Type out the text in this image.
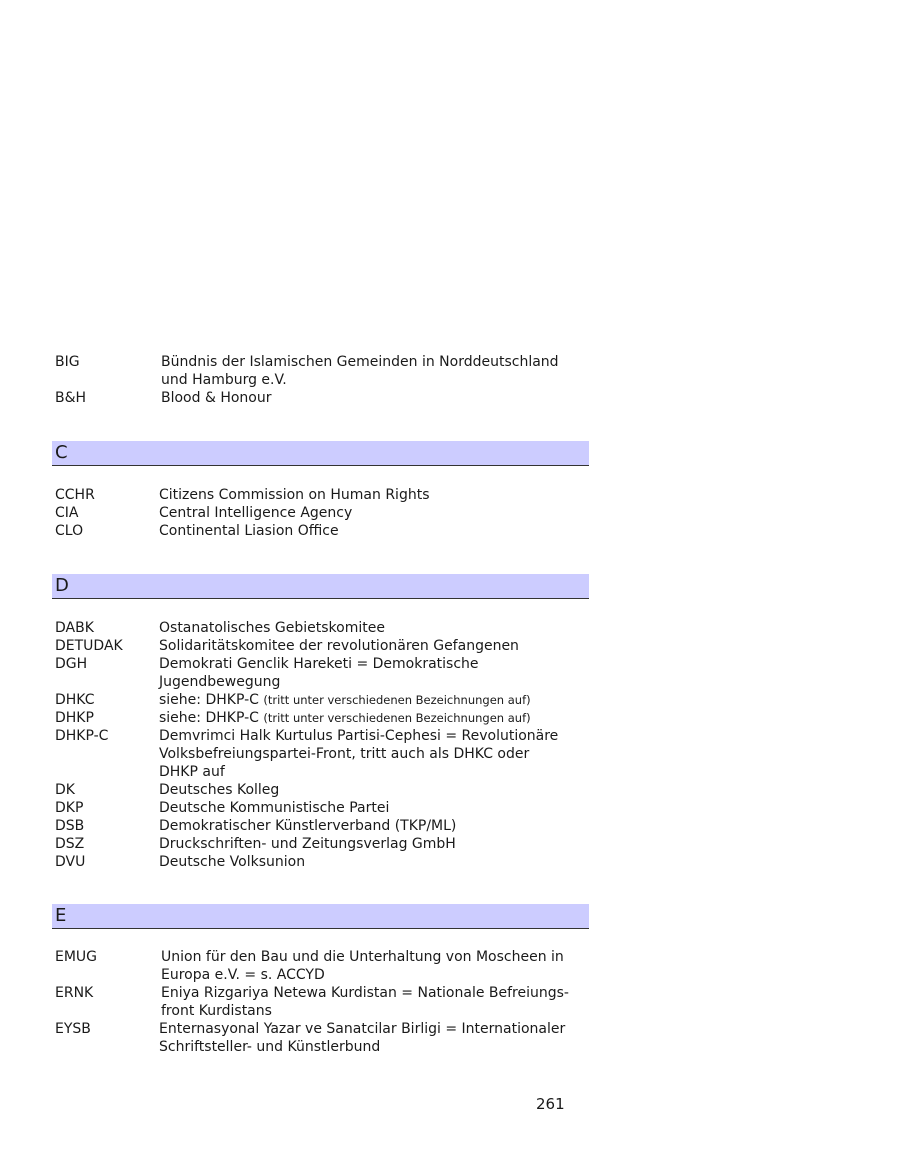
BIG	Bündnis der Islamischen Gemeinden in Norddeutschland
und Hamburg e.V.
B&H	Blood & Honour
C
CCHR	Citizens Commission on Human Rights
CIA	Central Intelligence Agency
CLO	Continental Liasion Office
D
DABK	Ostanatolisches Gebietskomitee
DETUDAK	Solidaritätskomitee der revolutionären Gefangenen
DGH	Demokrati Genclik Hareketi = Demokratische
Jugendbewegung
DHKC	siehe: DHKP-C (tritt unter verschiedenen Bezeichnungen auf)
DHKP	siehe: DHKP-C (tritt unter verschiedenen Bezeichnungen auf)
DHKP-C	Demvrimci Halk Kurtulus Partisi-Cephesi = Revolutionäre
Volksbefreiungspartei-Front, tritt auch als DHKC oder
DHKP auf
DK	Deutsches Kolleg
DKP	Deutsche Kommunistische Partei
DSB	Demokratischer Künstlerverband (TKP/ML)
DSZ	Druckschriften- und Zeitungsverlag GmbH
DVU	Deutsche Volksunion
E
EMUG	Union für den Bau und die Unterhaltung von Moscheen in
Europa e.V. = s. ACCYD
ERNK	Eniya Rizgariya Netewa Kurdistan = Nationale Befreiungs-
front Kurdistans
EYSB	Enternasyonal Yazar ve Sanatcilar Birligi = Internationaler
Schriftsteller- und Künstlerbund
261
